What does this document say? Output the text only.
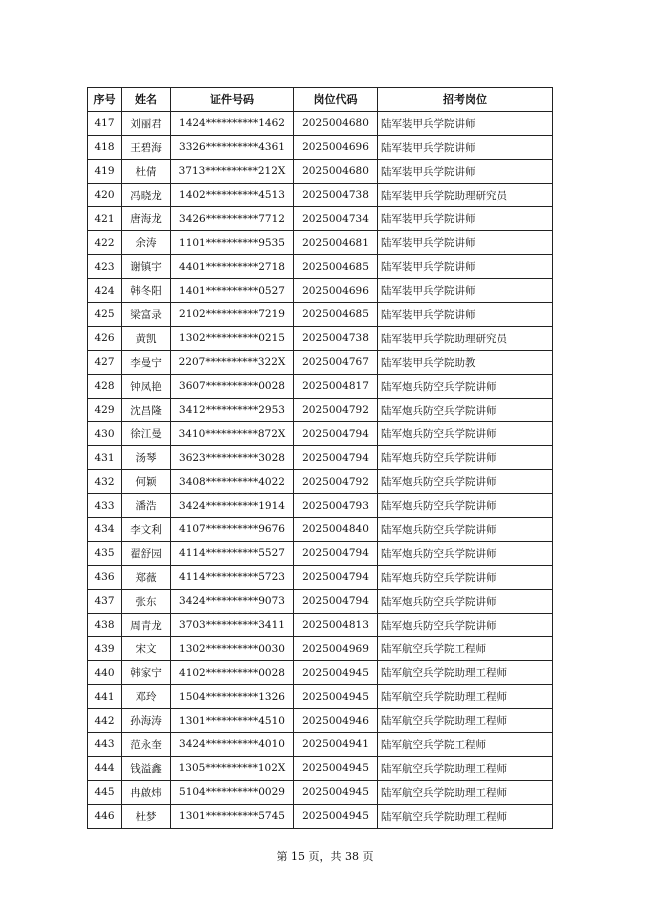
序号	姓名	证件号码	岗位代码	招考岗位
417	刘丽君	1424**********1462	2025004680	陆军装甲兵学院讲师
418	王碧海	3326**********4361	2025004696	陆军装甲兵学院讲师
419	杜倩	3713**********212X	2025004680	陆军装甲兵学院讲师
420	冯晓龙	1402**********4513	2025004738	陆军装甲兵学院助理研究员
421	唐海龙	3426**********7712	2025004734	陆军装甲兵学院讲师
422	余涛	1101**********9535	2025004681	陆军装甲兵学院讲师
423	谢镇宇	4401**********2718	2025004685	陆军装甲兵学院讲师
424	韩冬阳	1401**********0527	2025004696	陆军装甲兵学院讲师
425	梁富录	2102**********7219	2025004685	陆军装甲兵学院讲师
426	黄凯	1302**********0215	2025004738	陆军装甲兵学院助理研究员
427	李曼宁	2207**********322X	2025004767	陆军装甲兵学院助教
428	钟凤艳	3607**********0028	2025004817	陆军炮兵防空兵学院讲师
429	沈昌隆	3412**********2953	2025004792	陆军炮兵防空兵学院讲师
430	徐江曼	3410**********872X	2025004794	陆军炮兵防空兵学院讲师
431	汤琴	3623**********3028	2025004794	陆军炮兵防空兵学院讲师
432	何颖	3408**********4022	2025004792	陆军炮兵防空兵学院讲师
433	潘浩	3424**********1914	2025004793	陆军炮兵防空兵学院讲师
434	李文利	4107**********9676	2025004840	陆军炮兵防空兵学院讲师
435	翟舒园	4114**********5527	2025004794	陆军炮兵防空兵学院讲师
436	郑薇	4114**********5723	2025004794	陆军炮兵防空兵学院讲师
437	张东	3424**********9073	2025004794	陆军炮兵防空兵学院讲师
438	周青龙	3703**********3411	2025004813	陆军炮兵防空兵学院讲师
439	宋文	1302**********0030	2025004969	陆军航空兵学院工程师
440	韩家宁	4102**********0028	2025004945	陆军航空兵学院助理工程师
441	邓玲	1504**********1326	2025004945	陆军航空兵学院助理工程师
442	孙海涛	1301**********4510	2025004946	陆军航空兵学院助理工程师
443	范永奎	3424**********4010	2025004941	陆军航空兵学院工程师
444	钱溢鑫	1305**********102X	2025004945	陆军航空兵学院助理工程师
445	冉啟炜	5104**********0029	2025004945	陆军航空兵学院助理工程师
446	杜梦	1301**********5745	2025004945	陆军航空兵学院助理工程师
第 15 页，共 38 页
